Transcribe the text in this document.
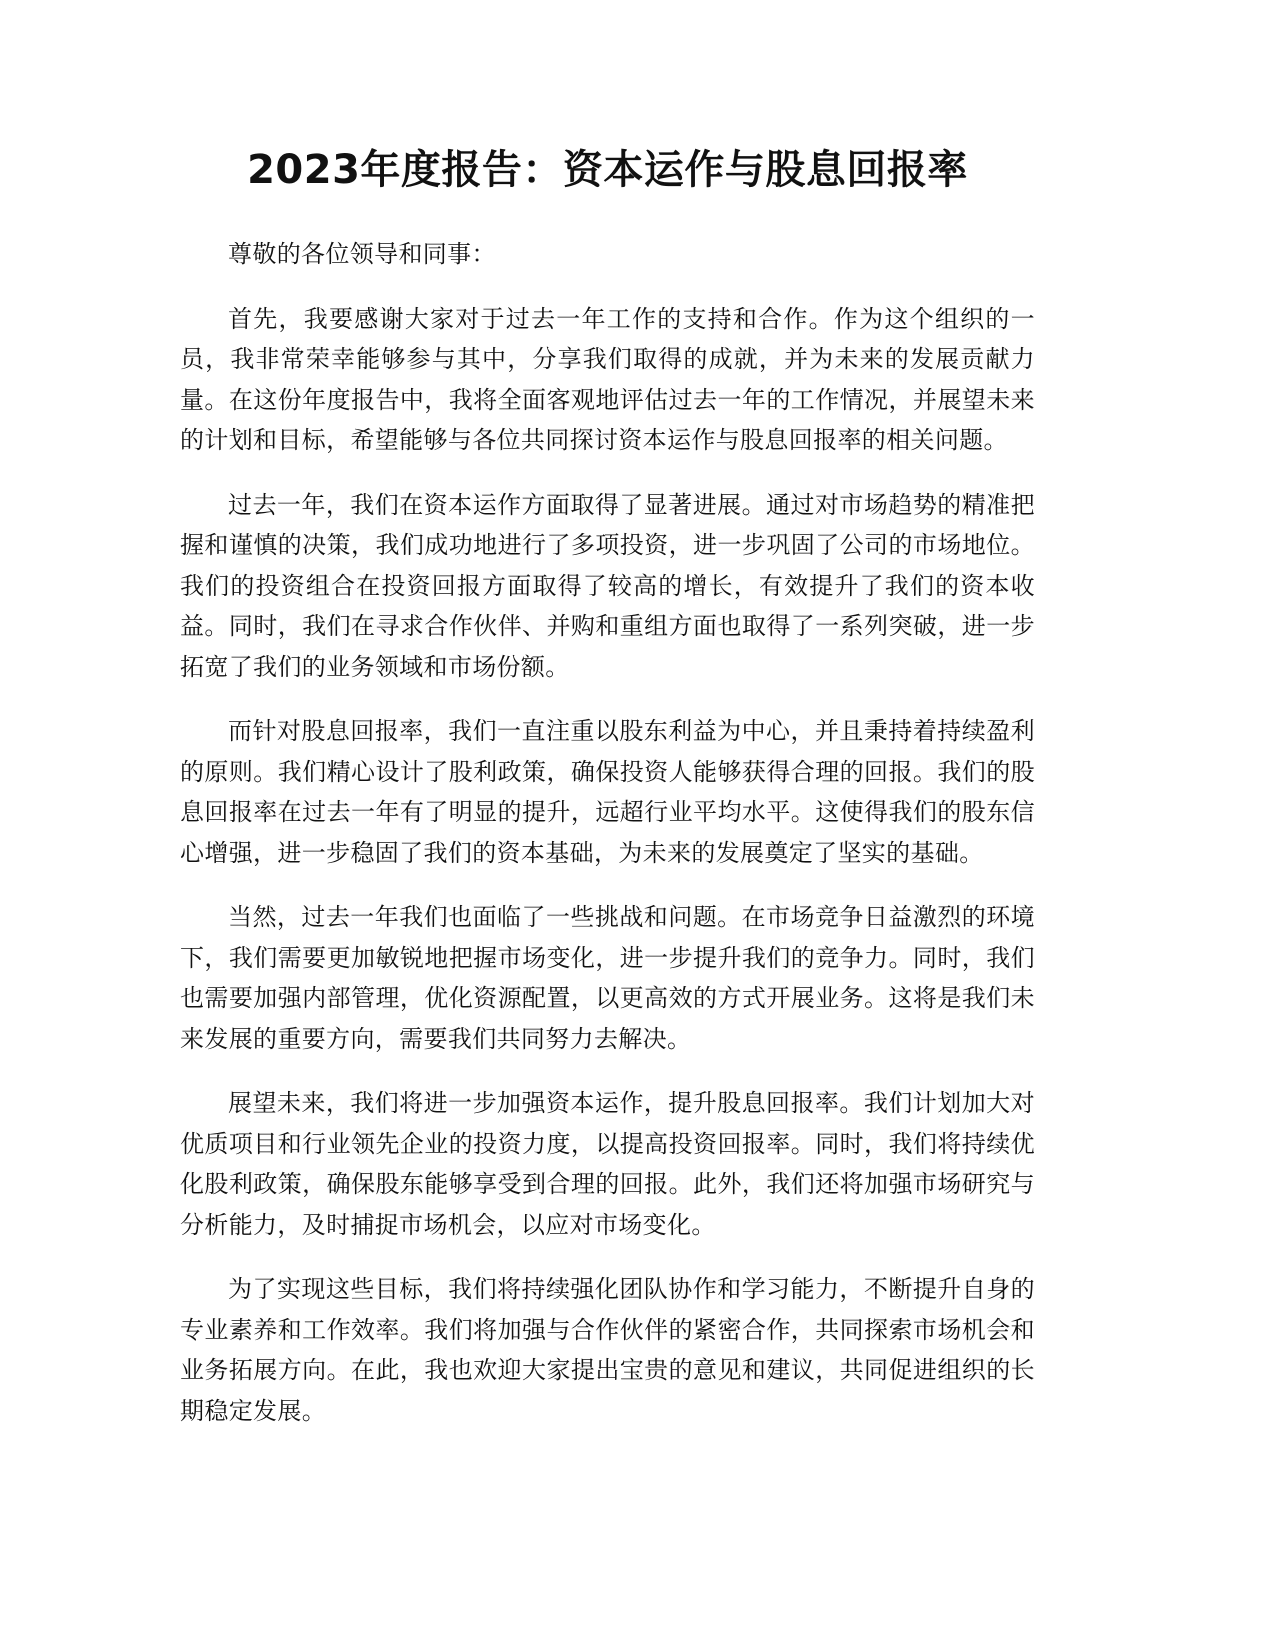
2023年度报告：资本运作与股息回报率

尊敬的各位领导和同事：

首先，我要感谢大家对于过去一年工作的支持和合作。作为这个组织的一员，我非常荣幸能够参与其中，分享我们取得的成就，并为未来的发展贡献力量。在这份年度报告中，我将全面客观地评估过去一年的工作情况，并展望未来的计划和目标，希望能够与各位共同探讨资本运作与股息回报率的相关问题。

过去一年，我们在资本运作方面取得了显著进展。通过对市场趋势的精准把握和谨慎的决策，我们成功地进行了多项投资，进一步巩固了公司的市场地位。我们的投资组合在投资回报方面取得了较高的增长，有效提升了我们的资本收益。同时，我们在寻求合作伙伴、并购和重组方面也取得了一系列突破，进一步拓宽了我们的业务领域和市场份额。

而针对股息回报率，我们一直注重以股东利益为中心，并且秉持着持续盈利的原则。我们精心设计了股利政策，确保投资人能够获得合理的回报。我们的股息回报率在过去一年有了明显的提升，远超行业平均水平。这使得我们的股东信心增强，进一步稳固了我们的资本基础，为未来的发展奠定了坚实的基础。

当然，过去一年我们也面临了一些挑战和问题。在市场竞争日益激烈的环境下，我们需要更加敏锐地把握市场变化，进一步提升我们的竞争力。同时，我们也需要加强内部管理，优化资源配置，以更高效的方式开展业务。这将是我们未来发展的重要方向，需要我们共同努力去解决。

展望未来，我们将进一步加强资本运作，提升股息回报率。我们计划加大对优质项目和行业领先企业的投资力度，以提高投资回报率。同时，我们将持续优化股利政策，确保股东能够享受到合理的回报。此外，我们还将加强市场研究与分析能力，及时捕捉市场机会，以应对市场变化。

为了实现这些目标，我们将持续强化团队协作和学习能力，不断提升自身的专业素养和工作效率。我们将加强与合作伙伴的紧密合作，共同探索市场机会和业务拓展方向。在此，我也欢迎大家提出宝贵的意见和建议，共同促进组织的长期稳定发展。
